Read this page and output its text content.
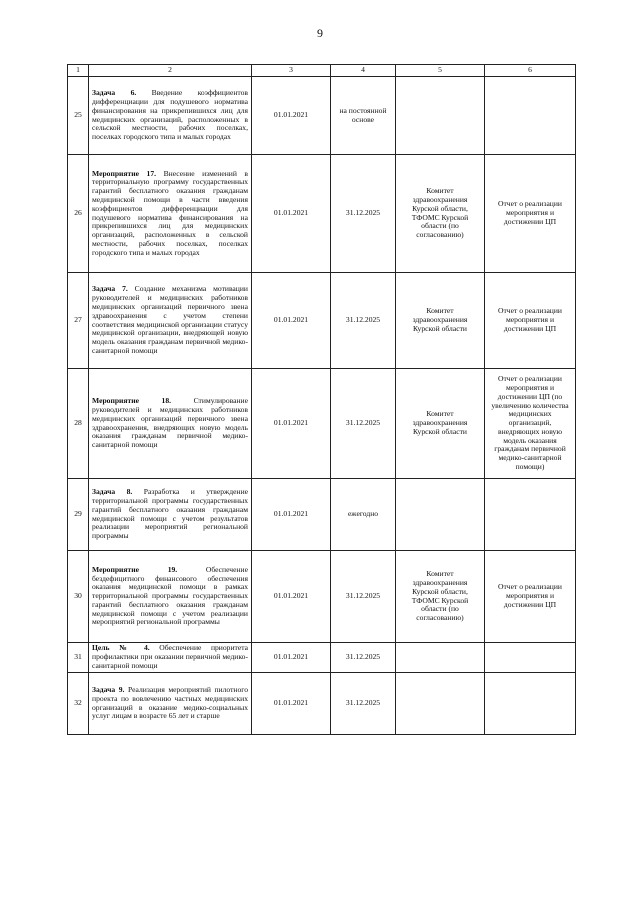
9
1	2	3	4	5	6
25	Задача 6. Введение коэффициентов дифференциации для подушевого норматива финансирования на прикрепившихся лиц для медицинских организаций, расположенных в сельской местности, рабочих поселках, поселках городского типа и малых городах	01.01.2021	на постоянной основе		
26	Мероприятие 17. Внесение изменений в территориальную программу государственных гарантий бесплатного оказания гражданам медицинской помощи в части введения коэффициентов дифференциации для подушевого норматива финансирования на прикрепившихся лиц для медицинских организаций, расположенных в сельской местности, рабочих поселках, поселках городского типа и малых городах	01.01.2021	31.12.2025	Комитет здравоохранения Курской области, ТФОМС Курской области (по согласованию)	Отчет о реализации мероприятия и достижении ЦП
27	Задача 7. Создание механизма мотивации руководителей и медицинских работников медицинских организаций первичного звена здравоохранения с учетом степени соответствия медицинской организации статусу медицинской организации, внедряющей новую модель оказания гражданам первичной медико-санитарной помощи	01.01.2021	31.12.2025	Комитет здравоохранения Курской области	Отчет о реализации мероприятия и достижении ЦП
28	Мероприятие 18. Стимулирование руководителей и медицинских работников медицинских организаций первичного звена здравоохранения, внедряющих новую модель оказания гражданам первичной медико-санитарной помощи	01.01.2021	31.12.2025	Комитет здравоохранения Курской области	Отчет о реализации мероприятия и достижении ЦП (по увеличению количества медицинских организаций, внедряющих новую модель оказания гражданам первичной медико-санитарной помощи)
29	Задача 8. Разработка и утверждение территориальной программы государственных гарантий бесплатного оказания гражданам медицинской помощи с учетом результатов реализации мероприятий региональной программы	01.01.2021	ежегодно		
30	Мероприятие 19. Обеспечение бездефицитного финансового обеспечения оказания медицинской помощи в рамках территориальной программы государственных гарантий бесплатного оказания гражданам медицинской помощи с учетом реализации мероприятий региональной программы	01.01.2021	31.12.2025	Комитет здравоохранения Курской области, ТФОМС Курской области (по согласованию)	Отчет о реализации мероприятия и достижении ЦП
31	Цель № 4. Обеспечение приоритета профилактики при оказании первичной медико-санитарной помощи	01.01.2021	31.12.2025		
32	Задача 9. Реализация мероприятий пилотного проекта по вовлечению частных медицинских организаций в оказание медико-социальных услуг лицам в возрасте 65 лет и старше	01.01.2021	31.12.2025		
